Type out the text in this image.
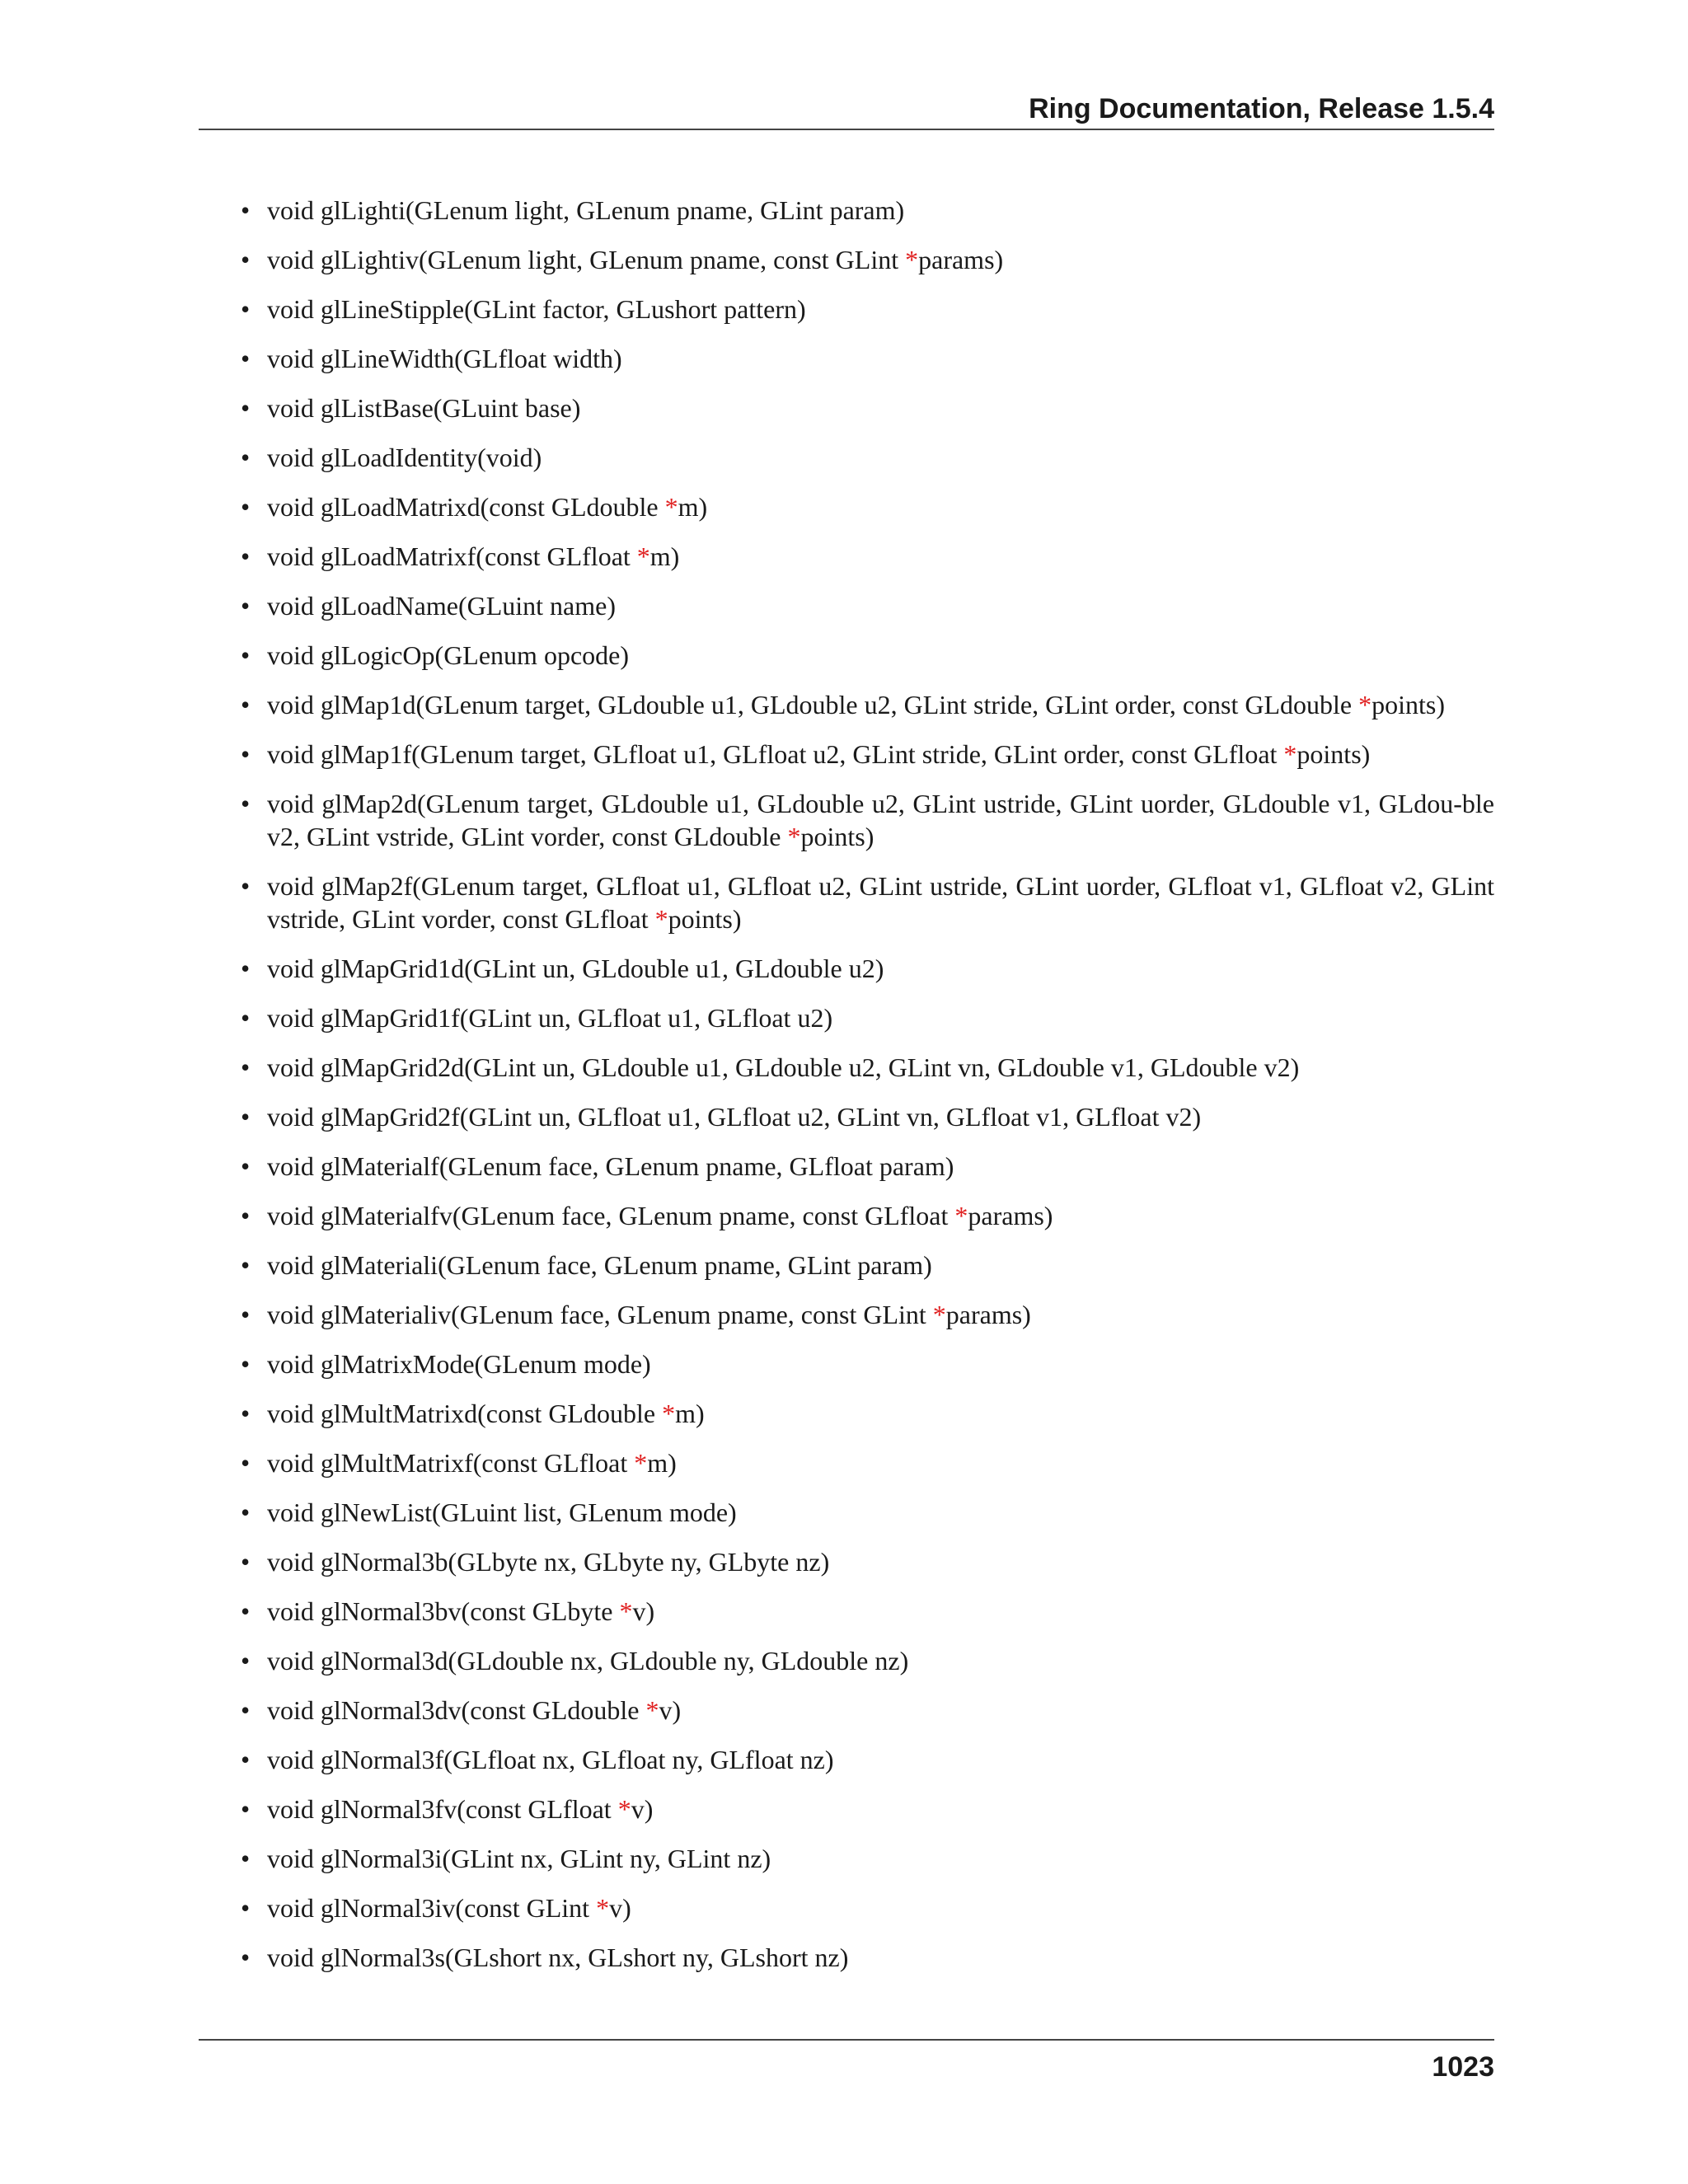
Ring Documentation, Release 1.5.4
• void glLighti(GLenum light, GLenum pname, GLint param)
• void glLightiv(GLenum light, GLenum pname, const GLint *params)
• void glLineStipple(GLint factor, GLushort pattern)
• void glLineWidth(GLfloat width)
• void glListBase(GLuint base)
• void glLoadIdentity(void)
• void glLoadMatrixd(const GLdouble *m)
• void glLoadMatrixf(const GLfloat *m)
• void glLoadName(GLuint name)
• void glLogicOp(GLenum opcode)
• void glMap1d(GLenum target, GLdouble u1, GLdouble u2, GLint stride, GLint order, const GLdouble *points)
• void glMap1f(GLenum target, GLfloat u1, GLfloat u2, GLint stride, GLint order, const GLfloat *points)
• void glMap2d(GLenum target, GLdouble u1, GLdouble u2, GLint ustride, GLint uorder, GLdouble v1, GLdou-ble v2, GLint vstride, GLint vorder, const GLdouble *points)
• void glMap2f(GLenum target, GLfloat u1, GLfloat u2, GLint ustride, GLint uorder, GLfloat v1, GLfloat v2, GLint vstride, GLint vorder, const GLfloat *points)
• void glMapGrid1d(GLint un, GLdouble u1, GLdouble u2)
• void glMapGrid1f(GLint un, GLfloat u1, GLfloat u2)
• void glMapGrid2d(GLint un, GLdouble u1, GLdouble u2, GLint vn, GLdouble v1, GLdouble v2)
• void glMapGrid2f(GLint un, GLfloat u1, GLfloat u2, GLint vn, GLfloat v1, GLfloat v2)
• void glMaterialf(GLenum face, GLenum pname, GLfloat param)
• void glMaterialfv(GLenum face, GLenum pname, const GLfloat *params)
• void glMateriali(GLenum face, GLenum pname, GLint param)
• void glMaterialiv(GLenum face, GLenum pname, const GLint *params)
• void glMatrixMode(GLenum mode)
• void glMultMatrixd(const GLdouble *m)
• void glMultMatrixf(const GLfloat *m)
• void glNewList(GLuint list, GLenum mode)
• void glNormal3b(GLbyte nx, GLbyte ny, GLbyte nz)
• void glNormal3bv(const GLbyte *v)
• void glNormal3d(GLdouble nx, GLdouble ny, GLdouble nz)
• void glNormal3dv(const GLdouble *v)
• void glNormal3f(GLfloat nx, GLfloat ny, GLfloat nz)
• void glNormal3fv(const GLfloat *v)
• void glNormal3i(GLint nx, GLint ny, GLint nz)
• void glNormal3iv(const GLint *v)
• void glNormal3s(GLshort nx, GLshort ny, GLshort nz)
1023
